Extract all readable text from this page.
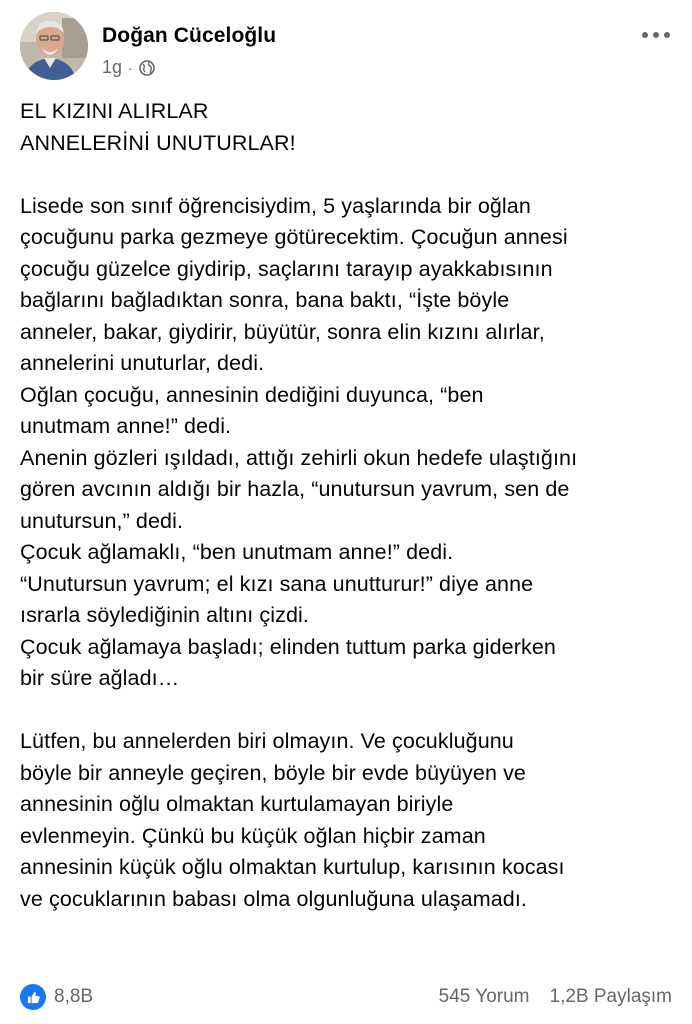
Doğan Cüceloğlu
1g ·
EL KIZINI ALIRLAR
ANNELERİNİ UNUTURLAR!

Lisede son sınıf öğrencisiydim, 5 yaşlarında bir oğlan
çocuğunu parka gezmeye götürecektim. Çocuğun annesi
çocuğu güzelce giydirip, saçlarını tarayıp ayakkabısının
bağlarını bağladıktan sonra, bana baktı, “İşte böyle
anneler, bakar, giydirir, büyütür, sonra elin kızını alırlar,
annelerini unuturlar, dedi.
Oğlan çocuğu, annesinin dediğini duyunca, “ben
unutmam anne!” dedi.
Anenin gözleri ışıldadı, attığı zehirli okun hedefe ulaştığını
gören avcının aldığı bir hazla, “unutursun yavrum, sen de
unutursun,” dedi.
Çocuk ağlamaklı, “ben unutmam anne!” dedi.
“Unutursun yavrum; el kızı sana unutturur!” diye anne
ısrarla söylediğinin altını çizdi.
Çocuk ağlamaya başladı; elinden tuttum parka giderken
bir süre ağladı…

Lütfen, bu annelerden biri olmayın. Ve çocukluğunu
böyle bir anneyle geçiren, böyle bir evde büyüyen ve
annesinin oğlu olmaktan kurtulamayan biriyle
evlenmeyin. Çünkü bu küçük oğlan hiçbir zaman
annesinin küçük oğlu olmaktan kurtulup, karısının kocası
ve çocuklarının babası olma olgunluğuna ulaşamadı.
8,8B	545 Yorum 1,2B Paylaşım
